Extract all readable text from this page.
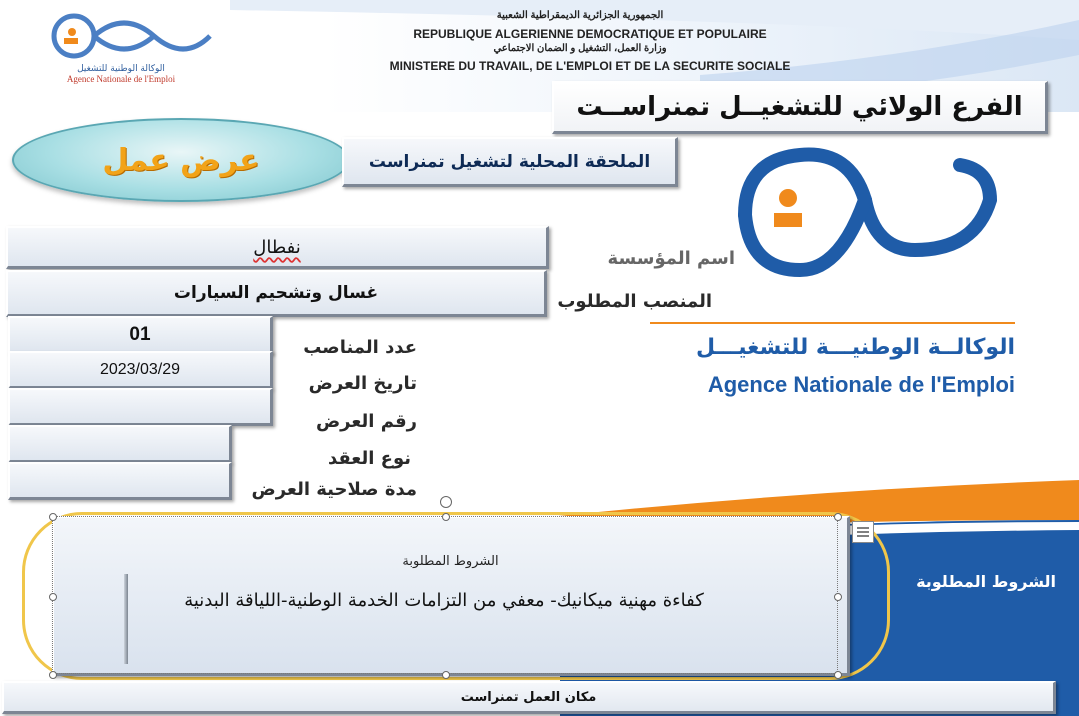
الوكالة الوطنية للتشغيل
Agence Nationale de l'Emploi
الجمهورية الجزائرية الديمقراطية الشعبية
REPUBLIQUE ALGERIENNE DEMOCRATIQUE ET POPULAIRE
وزارة العمل، التشغيل و الضمان الاجتماعي
MINISTERE DU TRAVAIL, DE L'EMPLOI ET DE LA SECURITE SOCIALE
الفرع الولائي للتشغيــل تمنراســت
عرض عمل	الملحقة المحلية لتشغيل تمنراست
الوكالــة الوطنيـــة للتشغيـــل
Agence Nationale de l'Emploi
الشروط المطلوبة
اسم المؤسسة
المنصب المطلوب
عدد المناصب
تاريخ العرض
رقم العرض
نوع العقد
مدة صلاحية العرض
نفطال
غسال وتشحيم السيارات
01
2023/03/29
الشروط المطلوبة
كفاءة مهنية ميكانيك- معفي من التزامات الخدمة الوطنية-اللياقة البدنية
مكان العمل تمنراست
